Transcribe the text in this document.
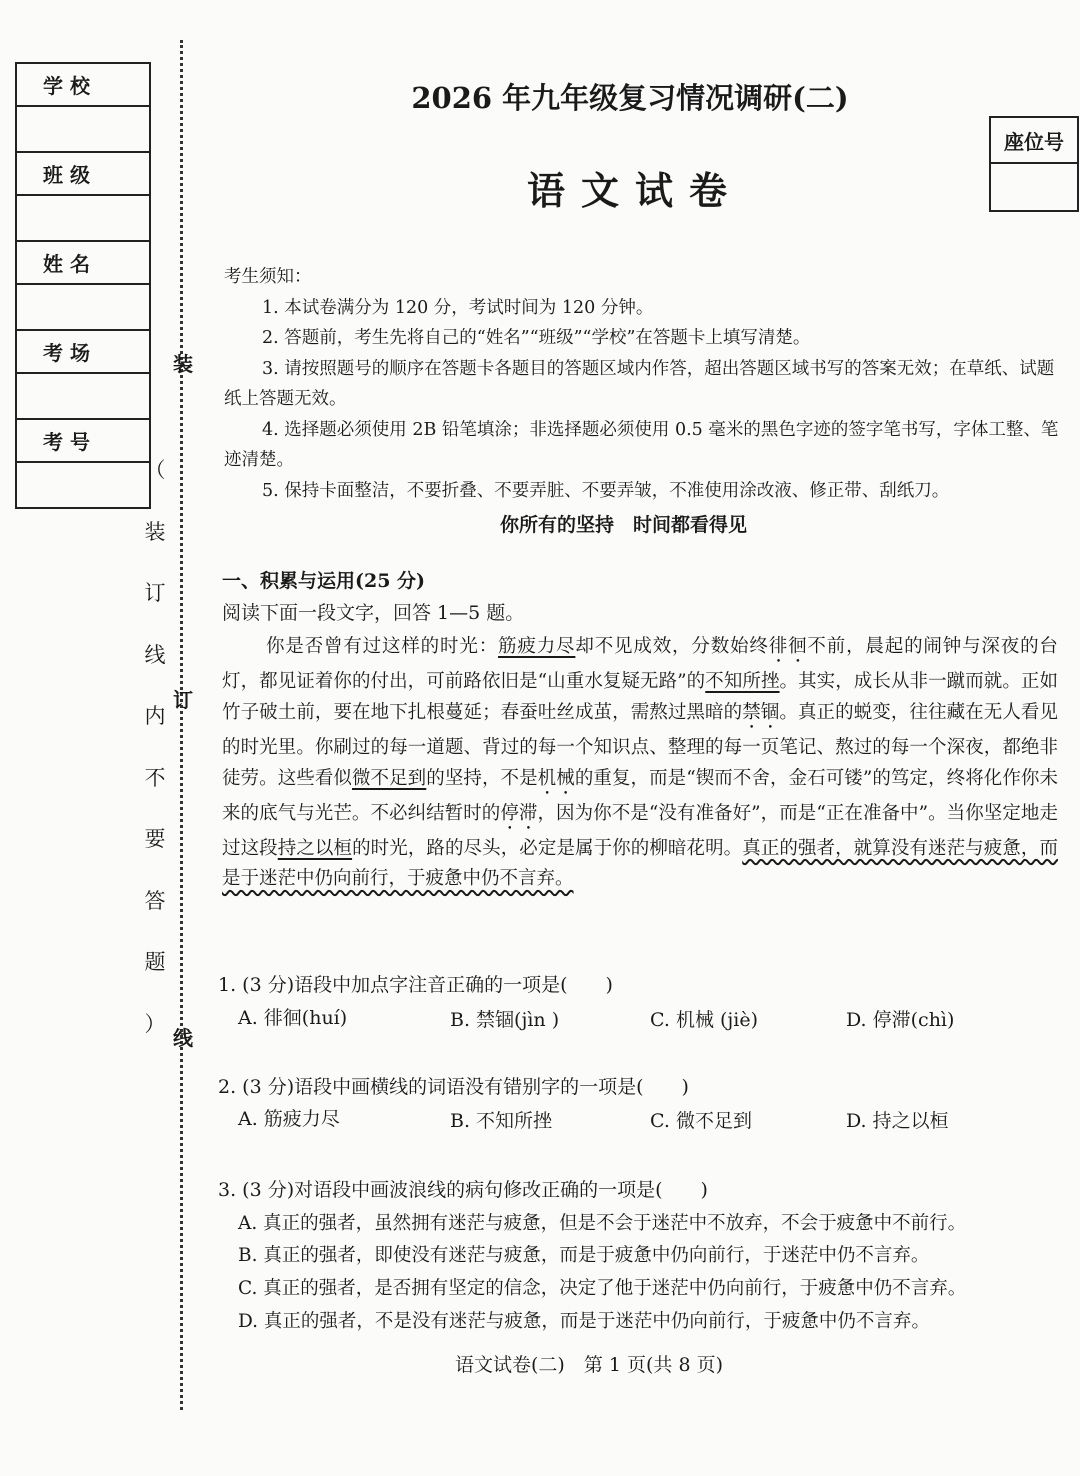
学 校
班 级
姓 名
考 场
考 号
装
订
线
（
装
订
线
内
不
要
答
题
）
2026 年九年级复习情况调研(二)
语文试卷
座位号

考生须知：

1. 本试卷满分为 120 分，考试时间为 120 分钟。

2. 答题前，考生先将自己的“姓名”“班级”“学校”在答题卡上填写清楚。

3. 请按照题号的顺序在答题卡各题目的答题区域内作答，超出答题区域书写的答案无效；在草纸、试题纸上答题无效。

4. 选择题必须使用 2B 铅笔填涂；非选择题必须使用 0.5 毫米的黑色字迹的签字笔书写，字体工整、笔迹清楚。

5. 保持卡面整洁，不要折叠、不要弄脏、不要弄皱，不准使用涂改液、修正带、刮纸刀。

你所有的坚持　时间都看得见
一、积累与运用(25 分)
阅读下面一段文字，回答 1—5 题。
你是否曾有过这样的时光：筋疲力尽却不见成效，分数始终徘徊不前，晨起的闹钟与深夜的台灯，都见证着你的付出，可前路依旧是“山重水复疑无路”的不知所挫。其实，成长从非一蹴而就。正如竹子破土前，要在地下扎根蔓延；春蚕吐丝成茧，需熬过黑暗的禁锢。真正的蜕变，往往藏在无人看见的时光里。你刷过的每一道题、背过的每一个知识点、整理的每一页笔记、熬过的每一个深夜，都绝非徒劳。这些看似微不足到的坚持，不是机械的重复，而是“锲而不舍，金石可镂”的笃定，终将化作你未来的底气与光芒。不必纠结暂时的停滞，因为你不是“没有准备好”，而是“正在准备中”。当你坚定地走过这段持之以桓的时光，路的尽头，必定是属于你的柳暗花明。真正的强者，就算没有迷茫与疲惫，而是于迷茫中仍向前行，于疲惫中仍不言弃。
1. (3 分)语段中加点字注音正确的一项是(　　)
A. 徘徊(huí)	B. 禁锢(jìn )	C. 机械 (jiè)	D. 停滞(chì)
2. (3 分)语段中画横线的词语没有错别字的一项是(　　)
A. 筋疲力尽	B. 不知所挫	C. 微不足到	D. 持之以桓
3. (3 分)对语段中画波浪线的病句修改正确的一项是(　　)
A. 真正的强者，虽然拥有迷茫与疲惫，但是不会于迷茫中不放弃，不会于疲惫中不前行。
B. 真正的强者，即使没有迷茫与疲惫，而是于疲惫中仍向前行，于迷茫中仍不言弃。
C. 真正的强者，是否拥有坚定的信念，决定了他于迷茫中仍向前行，于疲惫中仍不言弃。
D. 真正的强者，不是没有迷茫与疲惫，而是于迷茫中仍向前行，于疲惫中仍不言弃。
语文试卷(二)　第 1 页(共 8 页)
